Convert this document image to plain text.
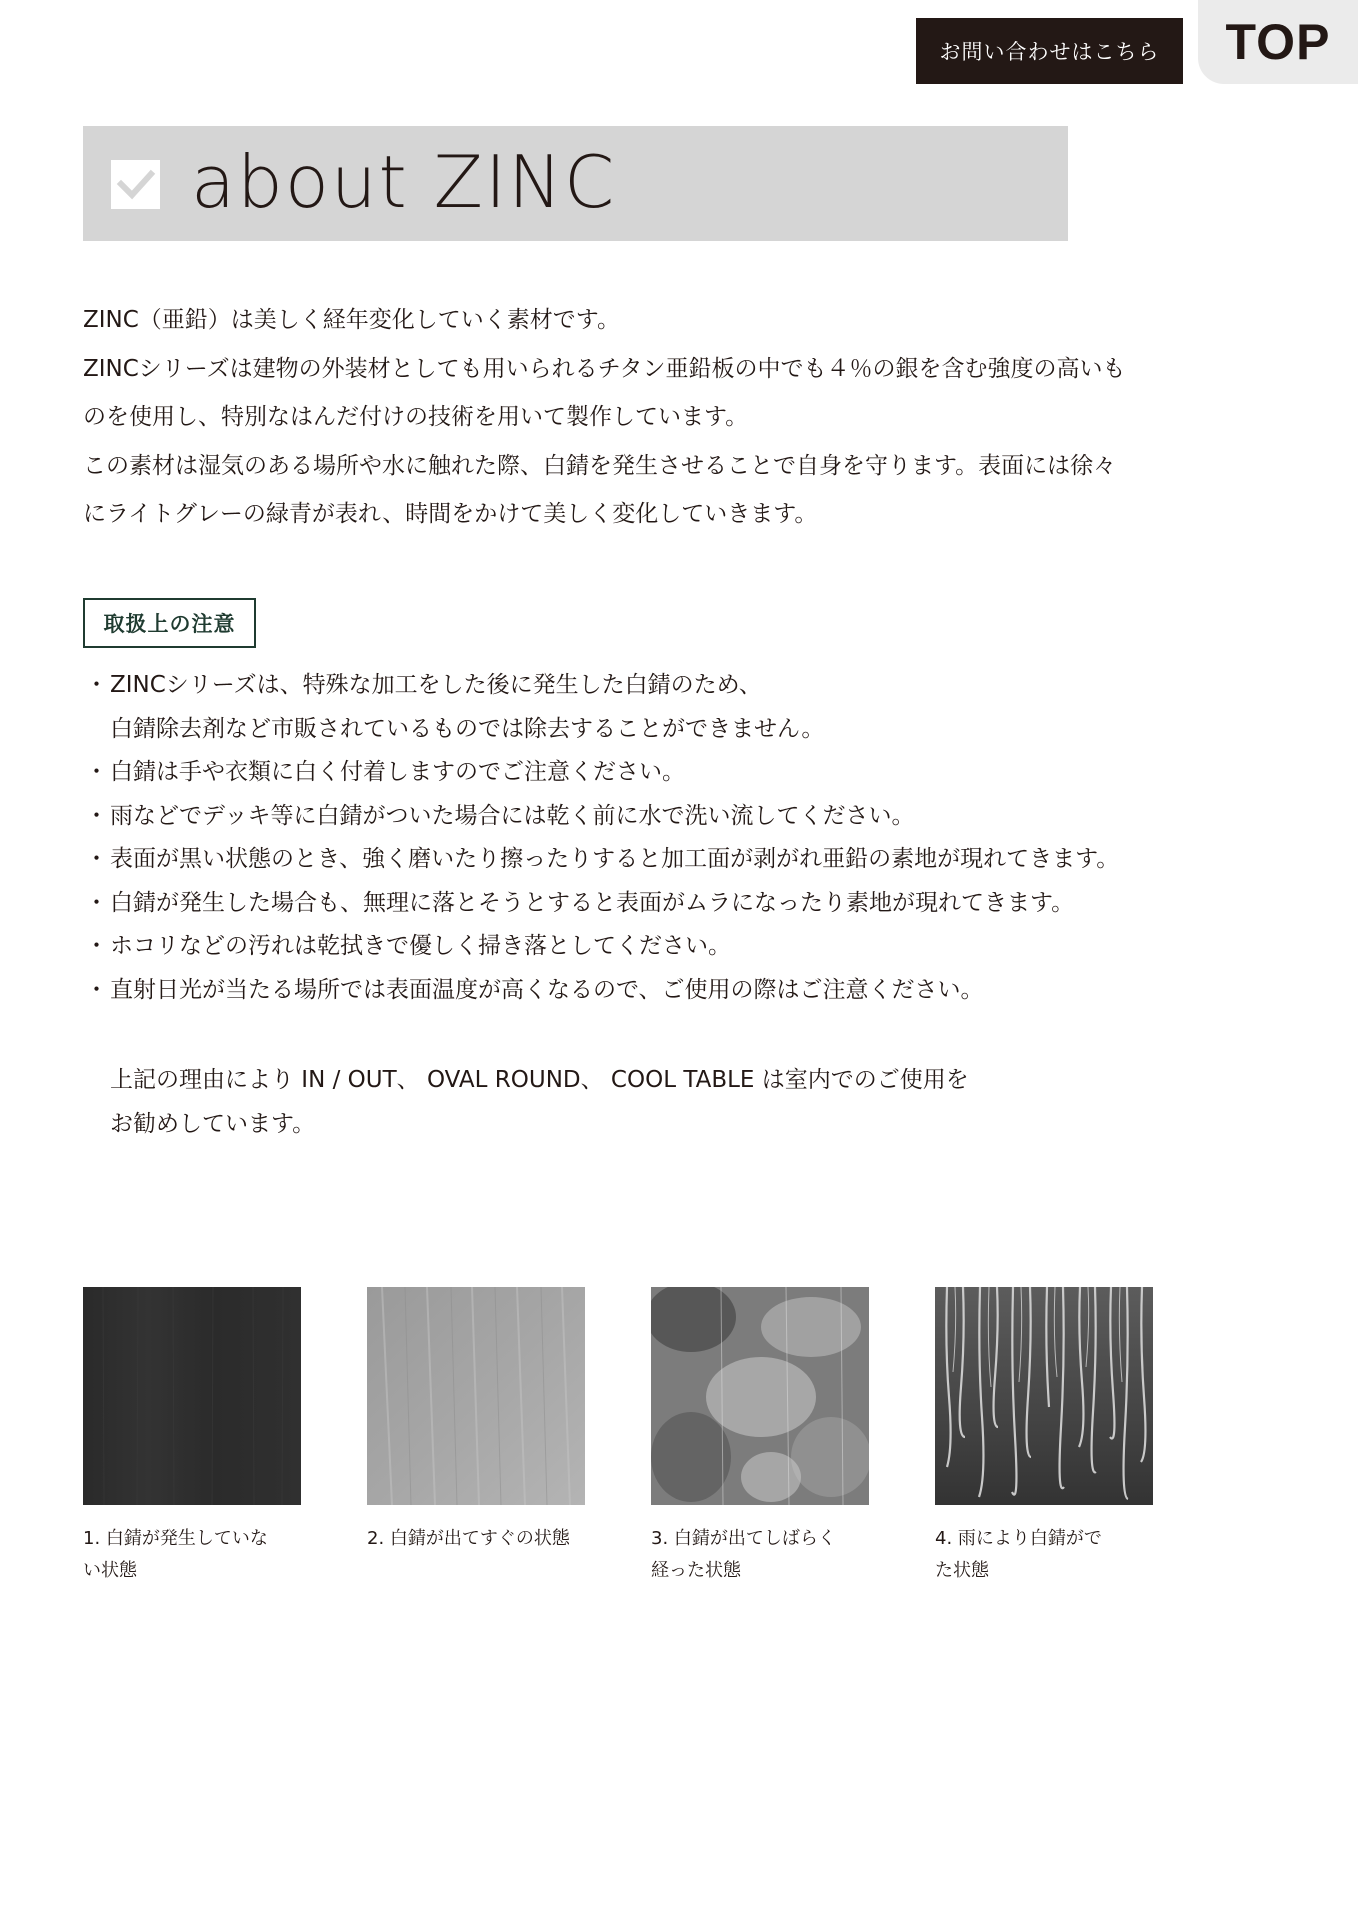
お問い合わせはこちら	TOP
about ZINC

ZINC（亜鉛）は美しく経年変化していく素材です。

ZINCシリーズは建物の外装材としても用いられるチタン亜鉛板の中でも４％の銀を含む強度の高いも

のを使用し、特別なはんだ付けの技術を用いて製作しています。

この素材は湿気のある場所や水に触れた際、白錆を発生させることで自身を守ります。表面には徐々

にライトグレーの緑青が表れ、時間をかけて美しく変化していきます。

取扱上の注意
・ ZINCシリーズは、特殊な加工をした後に発生した白錆のため、
白錆除去剤など市販されているものでは除去することができません。
・ 白錆は手や衣類に白く付着しますのでご注意ください。
・ 雨などでデッキ等に白錆がついた場合には乾く前に水で洗い流してください。
・ 表面が黒い状態のとき、強く磨いたり擦ったりすると加工面が剥がれ亜鉛の素地が現れてきます。
・ 白錆が発生した場合も、無理に落とそうとすると表面がムラになったり素地が現れてきます。
・ ホコリなどの汚れは乾拭きで優しく掃き落としてください。
・ 直射日光が当たる場所では表面温度が高くなるので、ご使用の際はご注意ください。
上記の理由により IN / OUT、 OVAL ROUND、 COOL TABLE は室内でのご使用を
お勧めしています。
1. 白錆が発生していな
い状態
2. 白錆が出てすぐの状態	3. 白錆が出てしばらく
経った状態
4. 雨により白錆がで
た状態
